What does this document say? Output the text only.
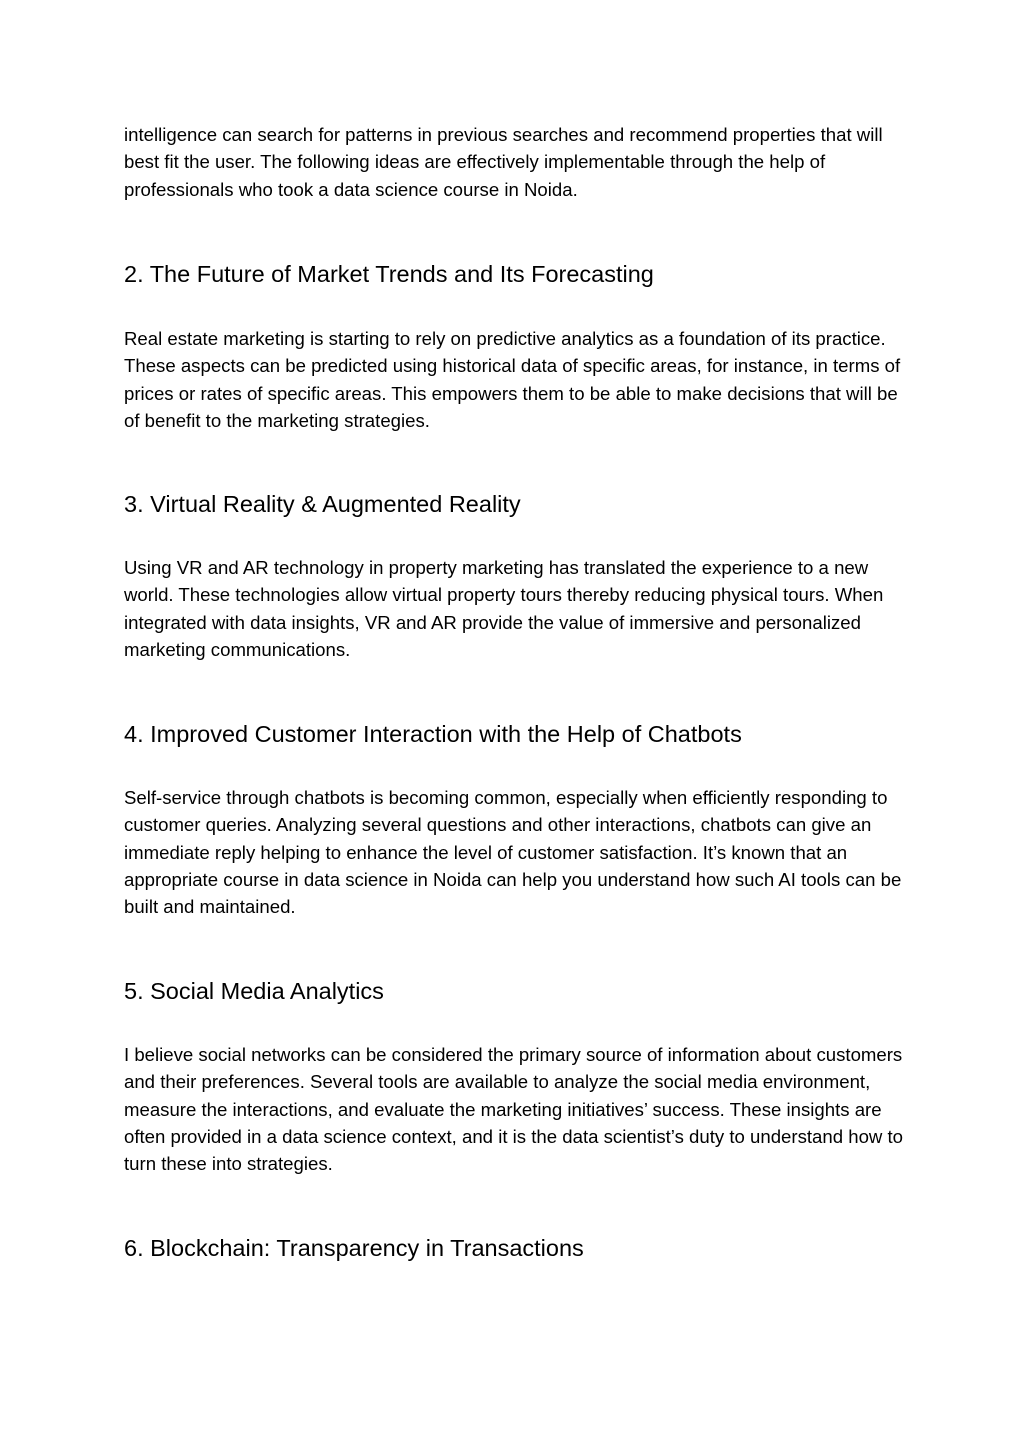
intelligence can search for patterns in previous searches and recommend properties that will best fit the user. The following ideas are effectively implementable through the help of professionals who took a data science course in Noida.

2. The Future of Market Trends and Its Forecasting

Real estate marketing is starting to rely on predictive analytics as a foundation of its practice. These aspects can be predicted using historical data of specific areas, for instance, in terms of prices or rates of specific areas. This empowers them to be able to make decisions that will be of benefit to the marketing strategies.

3. Virtual Reality & Augmented Reality

Using VR and AR technology in property marketing has translated the experience to a new world. These technologies allow virtual property tours thereby reducing physical tours. When integrated with data insights, VR and AR provide the value of immersive and personalized marketing communications.

4. Improved Customer Interaction with the Help of Chatbots

Self-service through chatbots is becoming common, especially when efficiently responding to customer queries. Analyzing several questions and other interactions, chatbots can give an immediate reply helping to enhance the level of customer satisfaction. It’s known that an appropriate course in data science in Noida can help you understand how such AI tools can be built and maintained.

5. Social Media Analytics

I believe social networks can be considered the primary source of information about customers and their preferences. Several tools are available to analyze the social media environment, measure the interactions, and evaluate the marketing initiatives’ success. These insights are often provided in a data science context, and it is the data scientist’s duty to understand how to turn these into strategies.

6. Blockchain: Transparency in Transactions
